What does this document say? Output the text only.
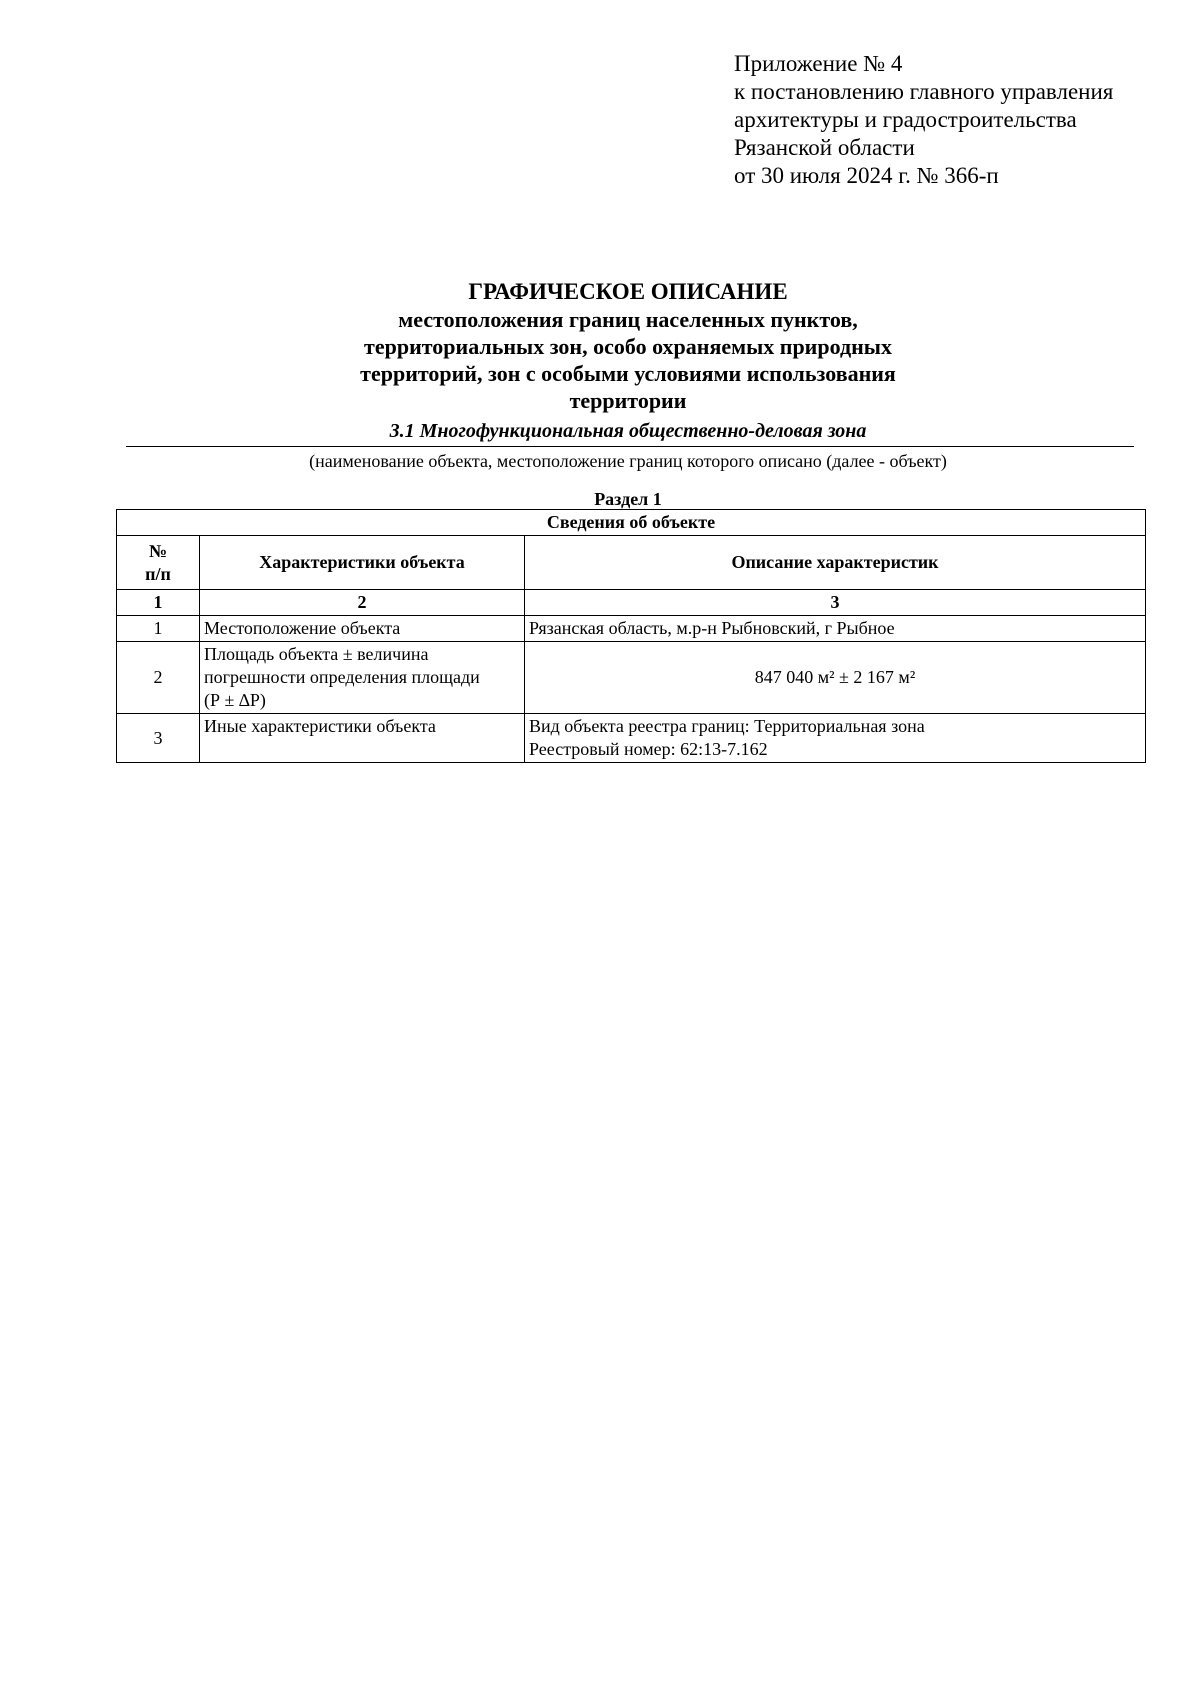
Приложение № 4
к постановлению главного управления
архитектуры и градостроительства
Рязанской области
от 30 июля 2024 г. № 366-п
ГРАФИЧЕСКОЕ ОПИСАНИЕ
местоположения границ населенных пунктов,
территориальных зон, особо охраняемых природных
территорий, зон с особыми условиями использования
территории
3.1 Многофункциональная общественно-деловая зона
(наименование объекта, местоположение границ которого описано (далее - объект)
Раздел 1
Сведения об объекте		

№
п/п	Характеристики объекта	Описание характеристик
1	2	3
1	Местоположение объекта	Рязанская область, м.р-н Рыбновский, г Рыбное
2	Площадь объекта ± величина
погрешности определения площади
(Р ± ∆Р)	847 040 м² ± 2 167 м²
3	Иные характеристики объекта	Вид объекта реестра границ: Территориальная зона
Реестровый номер: 62:13-7.162
